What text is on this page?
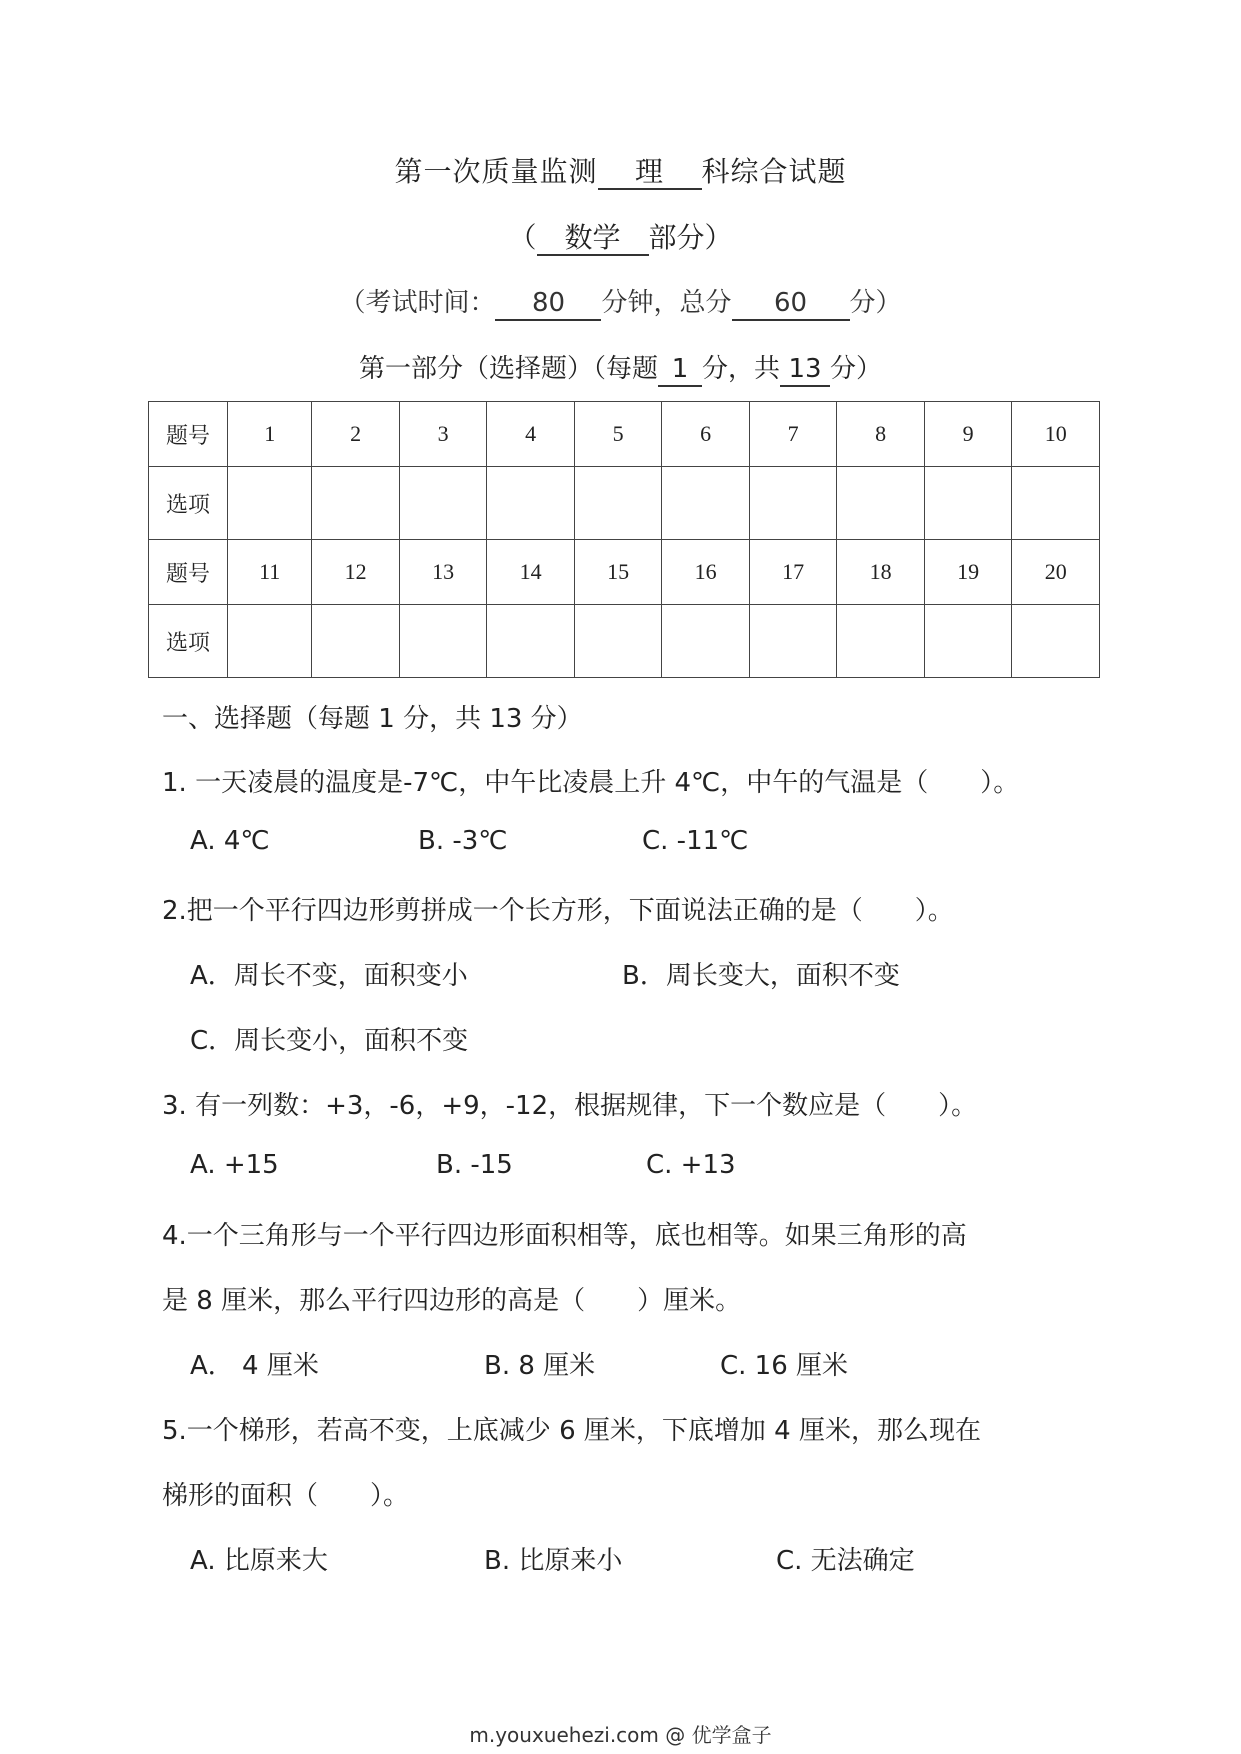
第一次质量监测 理 科综合试题
（ 数学 部分）
（考试时间： 80 分钟，总分 60 分）
第一部分（选择题）（每题 1 分，共 13 分）
题号	1	2	3	4	5	6	7	8	9	10
选项										
题号	11	12	13	14	15	16	17	18	19	20
选项										
一、选择题（每题 1 分，共 13 分）
1. 一天凌晨的温度是-7℃，中午比凌晨上升 4℃，中午的气温是（　　）。
A. 4℃	B. -3℃	C. -11℃
2.把一个平行四边形剪拼成一个长方形，下面说法正确的是（　　）。
A．周长不变，面积变小	B．周长变大，面积不变
C．周长变小，面积不变
3. 有一列数：+3，-6，+9，-12，根据规律，下一个数应是（　　）。
A. +15	B. -15	C. +13
4.一个三角形与一个平行四边形面积相等，底也相等。如果三角形的高
是 8 厘米，那么平行四边形的高是（　　）厘米。
A． 4 厘米	B. 8 厘米	C. 16 厘米
5.一个梯形，若高不变，上底减少 6 厘米，下底增加 4 厘米，那么现在
梯形的面积（　　）。
A. 比原来大	B. 比原来小	C. 无法确定
m.youxuehezi.com @ 优学盒子
